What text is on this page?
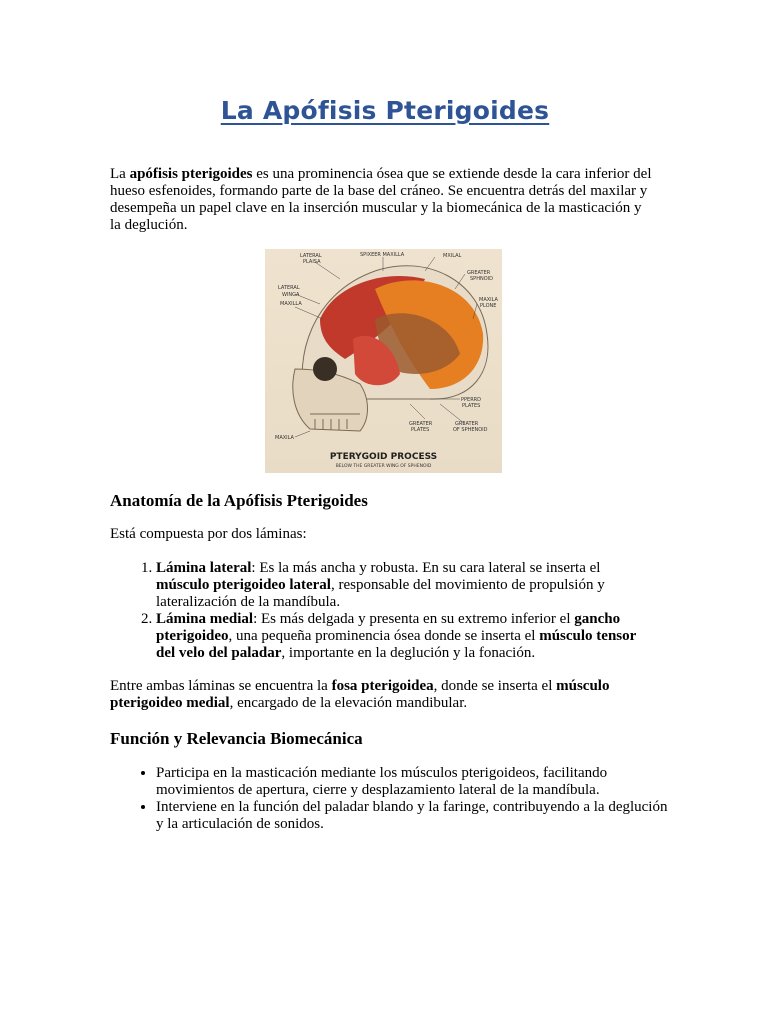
La Apófisis Pterigoides

La apófisis pterigoides es una prominencia ósea que se extiende desde la cara inferior del hueso esfenoides, formando parte de la base del cráneo. Se encuentra detrás del maxilar y desempeña un papel clave en la inserción muscular y la biomecánica de la masticación y la deglución.

Anatomía de la Apófisis Pterigoides

Está compuesta por dos láminas:

1. Lámina lateral: Es la más ancha y robusta. En su cara lateral se inserta el músculo pterigoideo lateral, responsable del movimiento de propulsión y lateralización de la mandíbula.
2. Lámina medial: Es más delgada y presenta en su extremo inferior el gancho pterigoideo, una pequeña prominencia ósea donde se inserta el músculo tensor del velo del paladar, importante en la deglución y la fonación.

Entre ambas láminas se encuentra la fosa pterigoidea, donde se inserta el músculo pterigoideo medial, encargado de la elevación mandibular.

Función y Relevancia Biomecánica
• Participa en la masticación mediante los músculos pterigoideos, facilitando movimientos de apertura, cierre y desplazamiento lateral de la mandíbula.
• Interviene en la función del paladar blando y la faringe, contribuyendo a la deglución y la articulación de sonidos.
LATERAL
PLAISA
SPIXEER MAXILLA	MXILAL
GREATER
SPHNOID
LATERAL
WINGA
MAXILLA
MAXILA
PLONE
PPERRD
PLATES
GREATER
PLATES
GREATER
OF SPHENOID
MAXILA
PTERYGOID PROCESS
BELOW THE GREATER WING OF SPHENOID
